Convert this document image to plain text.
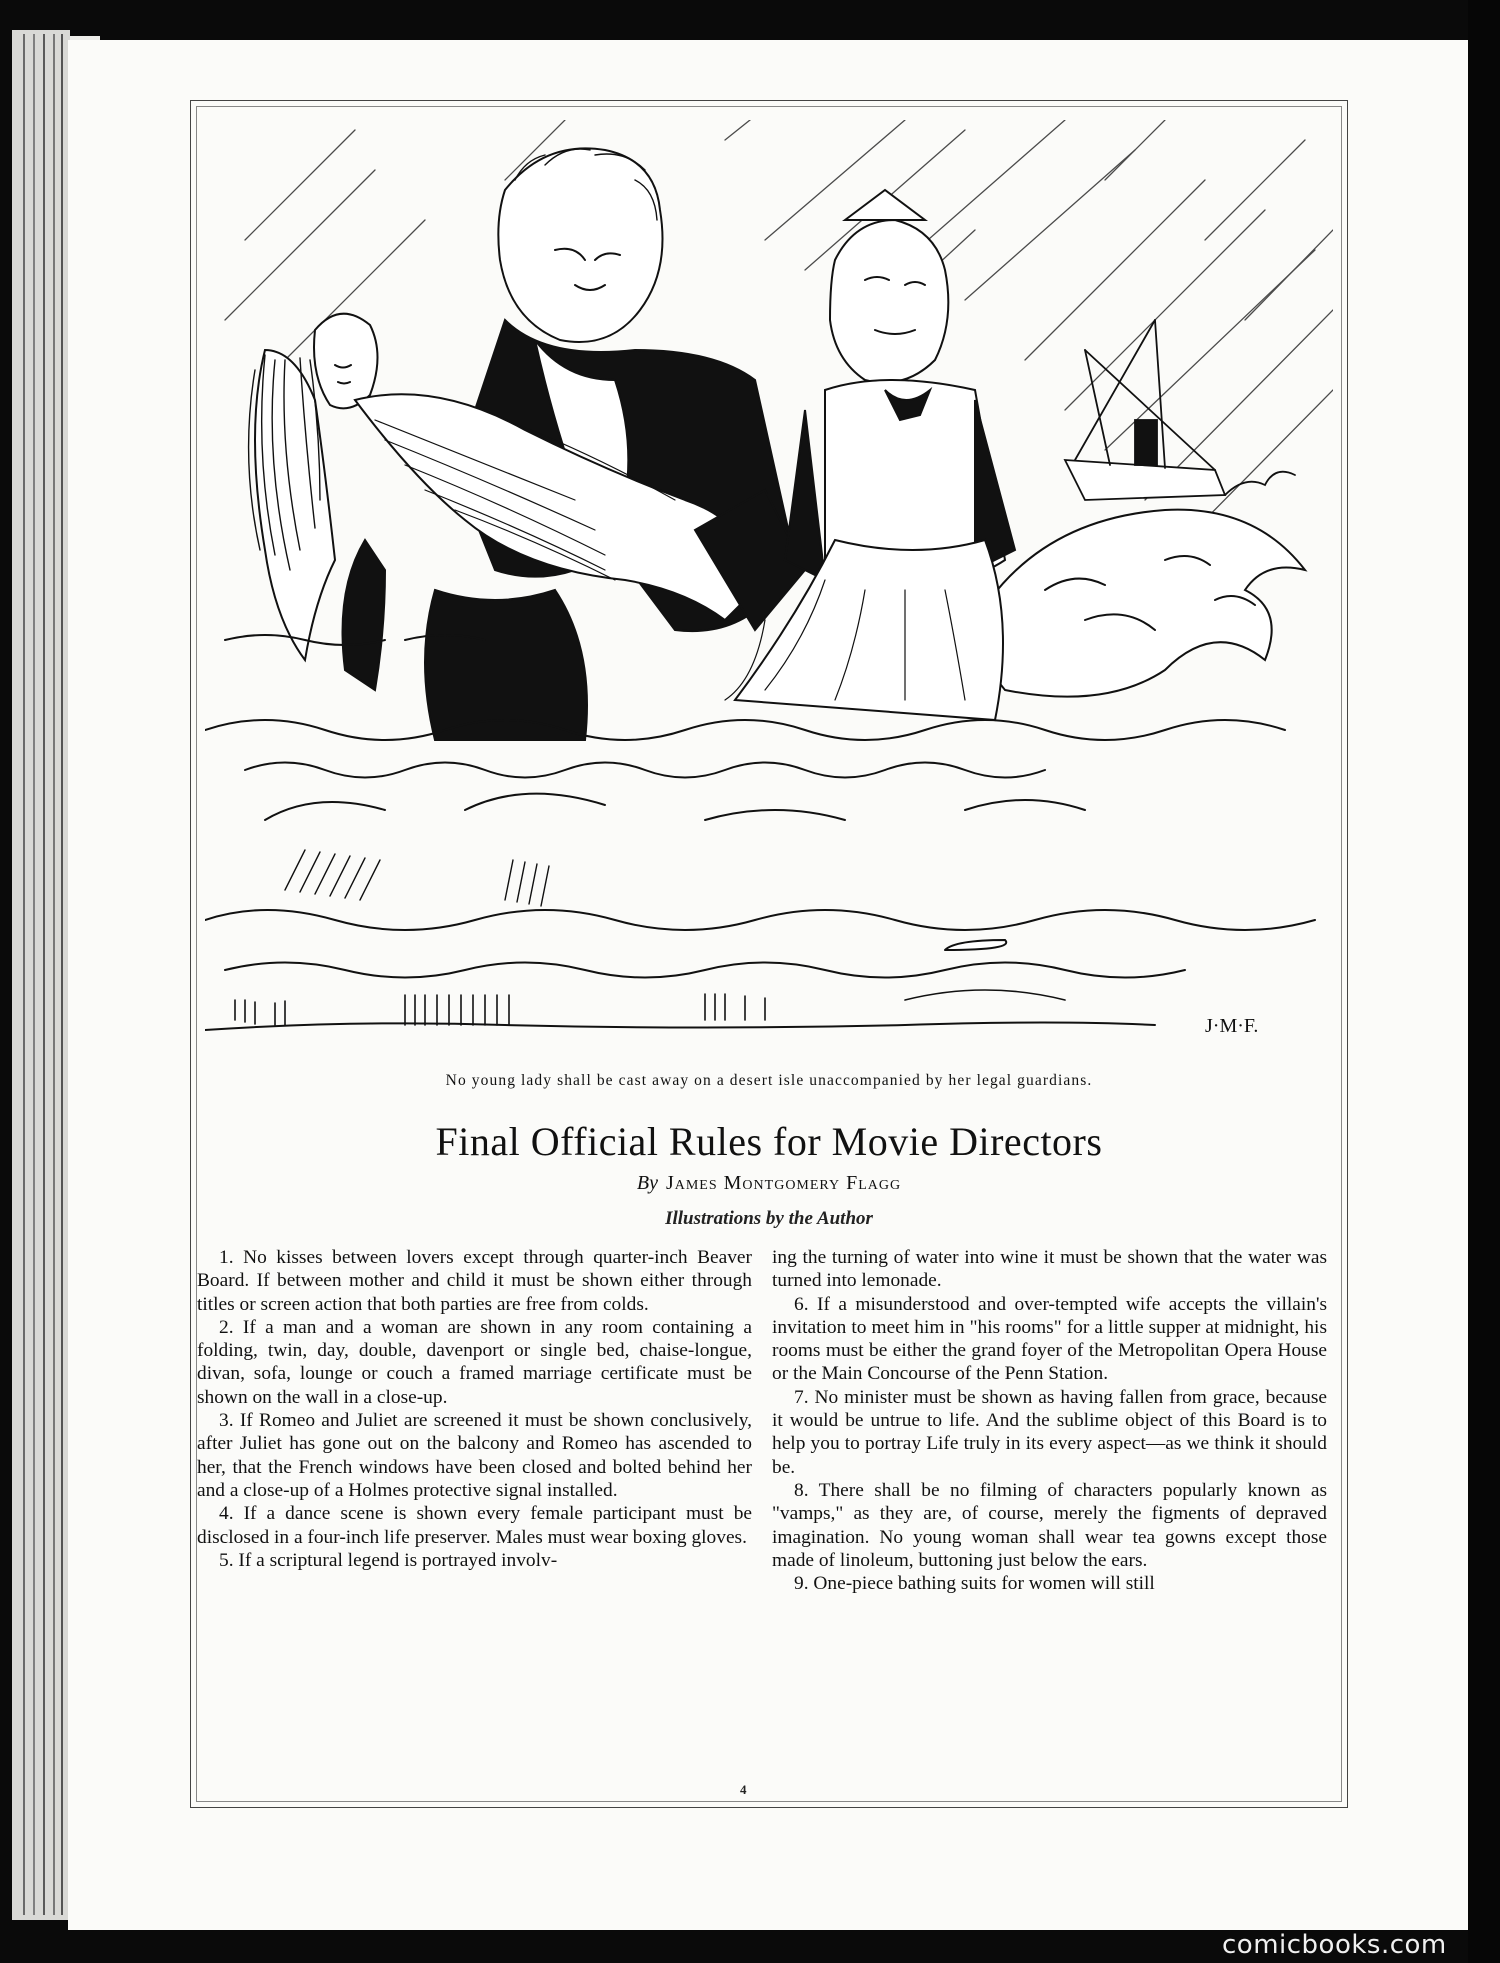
J·M·F.
No young lady shall be cast away on a desert isle unaccompanied by her legal guardians.
Final Official Rules for Movie Directors
By James Montgomery Flagg
Illustrations by the Author

1. No kisses between lovers except through quarter-inch Beaver Board. If between mother and child it must be shown either through titles or screen action that both parties are free from colds.

2. If a man and a woman are shown in any room containing a folding, twin, day, double, davenport or single bed, chaise-longue, divan, sofa, lounge or couch a framed marriage certificate must be shown on the wall in a close-up.

3. If Romeo and Juliet are screened it must be shown conclusively, after Juliet has gone out on the balcony and Romeo has ascended to her, that the French windows have been closed and bolted behind her and a close-up of a Holmes protective signal installed.

4. If a dance scene is shown every female participant must be disclosed in a four-inch life preserver. Males must wear boxing gloves.

5. If a scriptural legend is portrayed involv-

ing the turning of water into wine it must be shown that the water was turned into lemonade.

6. If a misunderstood and over-tempted wife accepts the villain's invitation to meet him in "his rooms" for a little supper at midnight, his rooms must be either the grand foyer of the Metropolitan Opera House or the Main Concourse of the Penn Station.

7. No minister must be shown as having fallen from grace, because it would be untrue to life. And the sublime object of this Board is to help you to portray Life truly in its every aspect—as we think it should be.

8. There shall be no filming of characters popularly known as "vamps," as they are, of course, merely the figments of depraved imagination. No young woman shall wear tea gowns except those made of linoleum, buttoning just below the ears.

9. One-piece bathing suits for women will still

4
comicbooks.com
